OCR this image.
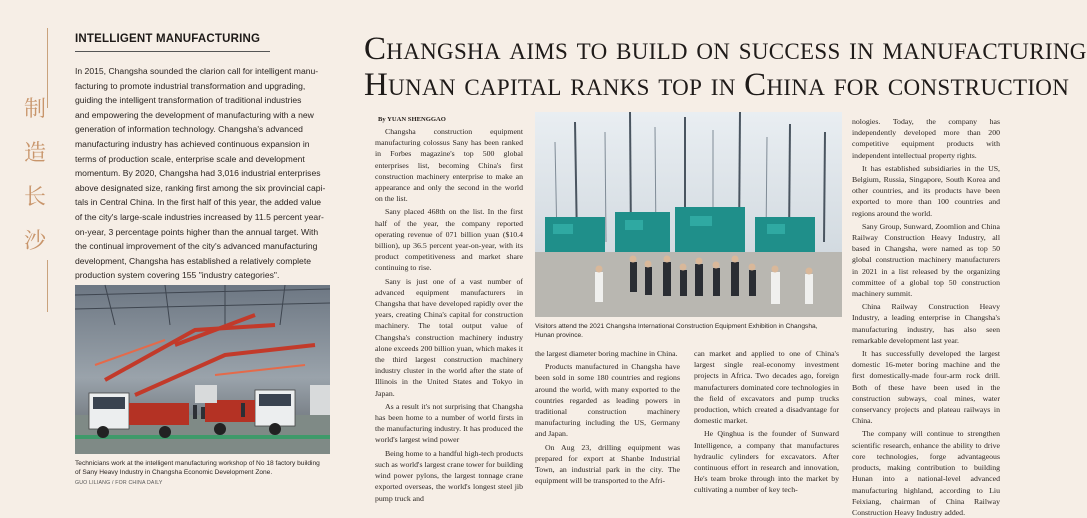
制
造
长
沙
INTELLIGENT MANUFACTURING
In 2015, Changsha sounded the clarion call for intelligent manu-
facturing to promote industrial transformation and upgrading,
guiding the intelligent transformation of traditional industries
and empowering the development of manufacturing with a new
generation of information technology. Changsha's advanced
manufacturing industry has achieved continuous expansion in
terms of production scale, enterprise scale and development
momentum. By 2020, Changsha had 3,016 industrial enterprises
above designated size, ranking first among the six provincial capi-
tals in Central China. In the first half of this year, the added value
of the city's large-scale industries increased by 11.5 percent year-
on-year, 3 percentage points higher than the annual target. With
the continual improvement of the city's advanced manufacturing
development, Changsha has established a relatively complete
production system covering 155 "industry categories".
Technicians work at the intelligent manufacturing workshop of No 18 factory building
of Sany Heavy Industry in Changsha Economic Development Zone.
GUO LILIANG / FOR CHINA DAILY
Changsha aims to build on success in manufacturing
Hunan capital ranks top in China for construction
By YUAN SHENGGAO
Visitors attend the 2021 Changsha International Construction Equipment Exhibition in Changsha,
Hunan province.

Changsha construction equipment manufacturing colossus Sany has been ranked in Forbes magazine's top 500 global enterprises list, becoming China's first construction machinery enterprise to make an appearance and only the second in the world on the list.

Sany placed 468th on the list. In the first half of the year, the company reported operating revenue of 071 billion yuan ($10.4 billion), up 36.5 percent year-on-year, with its product competitiveness and market share continuing to rise.

Sany is just one of a vast number of advanced equipment manufacturers in Changsha that have developed rapidly over the years, creating China's capital for construction machinery. The total output value of Changsha's construction machinery industry alone exceeds 200 billion yuan, which makes it the third largest construction machinery industry cluster in the world after the state of Illinois in the United States and Tokyo in Japan.

As a result it's not surprising that Changsha has been home to a number of world firsts in the manufacturing industry. It has produced the world's largest wind power

Being home to a handful high-tech products such as world's largest crane tower for building wind power pylons, the largest tonnage crane exported overseas, the world's longest steel jib pump truck and

the largest diameter boring machine in China.

Products manufactured in Changsha have been sold in some 180 countries and regions around the world, with many exported to the countries regarded as leading powers in traditional construction machinery manufacturing including the US, Germany and Japan.

On Aug 23, drilling equipment was prepared for export at Shanbe Industrial Town, an industrial park in the city. The equipment will be transported to the Afri-

can market and applied to one of China's largest single real-economy investment projects in Africa. Two decades ago, foreign manufacturers dominated core technologies in the field of excavators and pump trucks production, which created a disadvantage for domestic market.

He Qinghua is the founder of Sunward Intelligence, a company that manufactures hydraulic cylinders for excavators. After continuous effort in research and innovation, He's team broke through into the market by cultivating a number of key tech-

nologies. Today, the company has independently developed more than 200 competitive equipment products with independent intellectual property rights.

It has established subsidiaries in the US, Belgium, Russia, Singapore, South Korea and other countries, and its products have been exported to more than 100 countries and regions around the world.

Sany Group, Sunward, Zoomlion and China Railway Construction Heavy Industry, all based in Changsha, were named as top 50 global construction machinery manufacturers in 2021 in a list released by the organizing committee of a global top 50 construction machinery summit.

China Railway Construction Heavy Industry, a leading enterprise in Changsha's manufacturing industry, has also seen remarkable development last year.

It has successfully developed the largest domestic 16-meter boring machine and the first domestically-made four-arm rock drill. Both of these have been used in the construction subways, coal mines, water conservancy projects and plateau railways in China.

The company will continue to strengthen scientific research, enhance the ability to drive core technologies, forge advantageous products, making contribution to building Hunan into a national-level advanced manufacturing highland, according to Liu Feixiang, chairman of China Railway Construction Heavy Industry added.
